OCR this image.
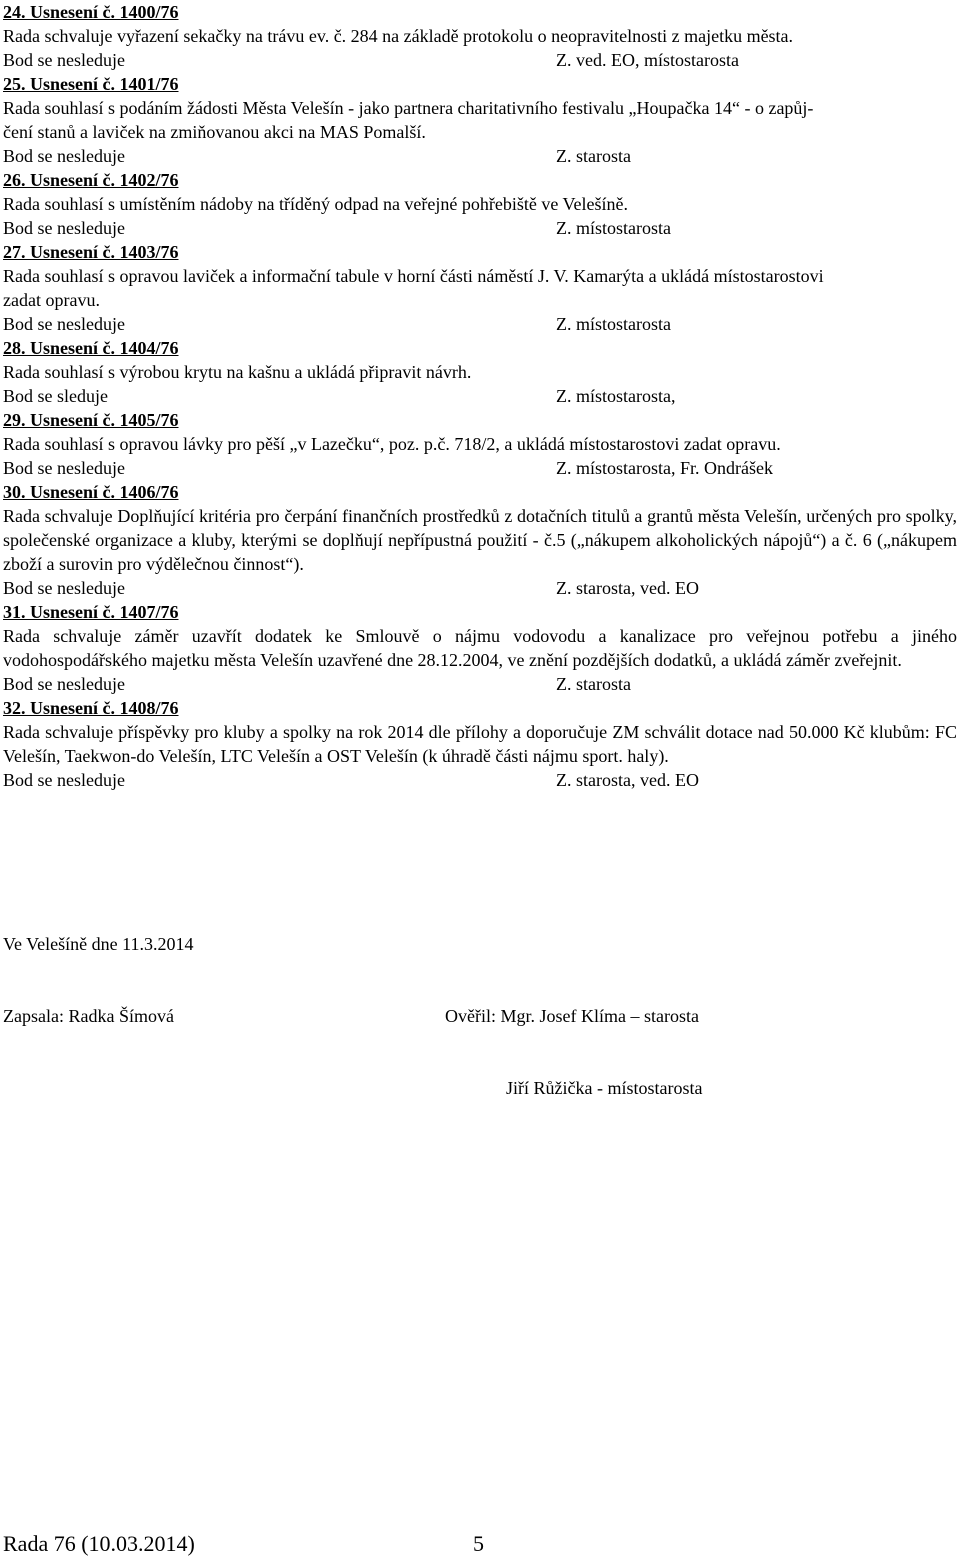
24. Usnesení č. 1400/76
Rada schvaluje vyřazení sekačky na trávu ev. č. 284 na základě protokolu o neopravitelnosti z majetku města.
Bod se nesleduje	Z. ved. EO, místostarosta
25. Usnesení č. 1401/76
Rada souhlasí s podáním žádosti Města Velešín - jako partnera charitativního festivalu „Houpačka 14“ - o zapůj-
čení stanů a laviček na zmiňovanou akci na MAS Pomalší.
Bod se nesleduje	Z. starosta
26. Usnesení č. 1402/76
Rada souhlasí s umístěním nádoby na tříděný odpad na veřejné pohřebiště ve Velešíně.
Bod se nesleduje	Z. místostarosta
27. Usnesení č. 1403/76
Rada souhlasí s opravou laviček a informační tabule v horní části náměstí J. V. Kamarýta a ukládá místostarostovi
zadat opravu.
Bod se nesleduje	Z. místostarosta
28. Usnesení č. 1404/76
Rada souhlasí s výrobou krytu na kašnu a ukládá připravit návrh.
Bod se sleduje	Z. místostarosta,
29. Usnesení č. 1405/76
Rada souhlasí s opravou lávky pro pěší „v Lazečku“, poz. p.č. 718/2, a ukládá místostarostovi zadat opravu.
Bod se nesleduje	Z. místostarosta, Fr. Ondrášek
30. Usnesení č. 1406/76
Rada schvaluje Doplňující kritéria pro čerpání finančních prostředků z dotačních titulů a grantů města Velešín, určených pro spolky, společenské organizace a kluby, kterými se doplňují nepřípustná použití - č.5 („nákupem alkoholických nápojů“) a č. 6 („nákupem zboží a surovin pro výdělečnou činnost“).
Bod se nesleduje	Z. starosta, ved. EO
31. Usnesení č. 1407/76
Rada schvaluje záměr uzavřít dodatek ke Smlouvě o nájmu vodovodu a kanalizace pro veřejnou potřebu a jiného vodohospodářského majetku města Velešín uzavřené dne 28.12.2004, ve znění pozdějších dodatků, a ukládá záměr zveřejnit.
Bod se nesleduje	Z. starosta
32. Usnesení č. 1408/76
Rada schvaluje příspěvky pro kluby a spolky na rok 2014 dle přílohy a doporučuje ZM schválit dotace nad 50.000 Kč klubům: FC Velešín, Taekwon-do Velešín, LTC Velešín a OST Velešín (k úhradě části nájmu sport. haly).
Bod se nesleduje	Z. starosta, ved. EO
Ve Velešíně dne 11.3.2014
Zapsala: Radka Šímová	Ověřil: Mgr. Josef Klíma – starosta
Jiří Růžička - místostarosta
Rada 76 (10.03.2014)	5
